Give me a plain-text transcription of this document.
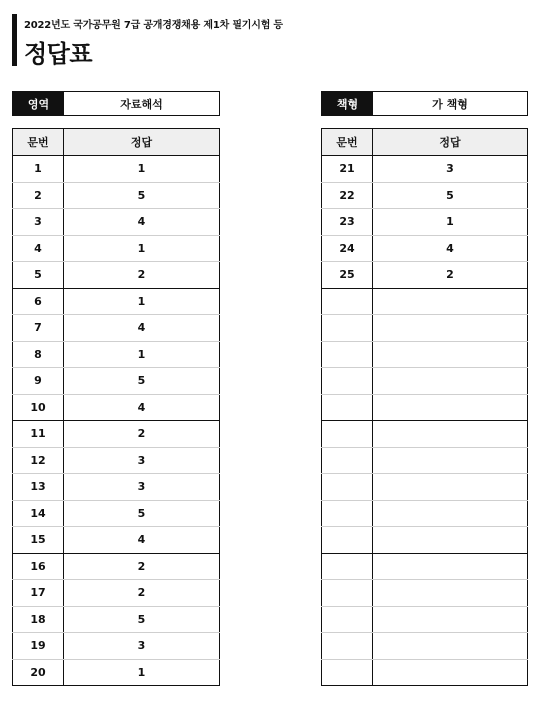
2022년도 국가공무원 7급 공개경쟁채용 제1차 필기시험 등
정답표
영역	자료해석	책형	가 책형
문번	정답
1	1
2	5
3	4
4	1
5	2
6	1
7	4
8	1
9	5
10	4
11	2
12	3
13	3
14	5
15	4
16	2
17	2
18	5
19	3
20	1
문번	정답
21	3
22	5
23	1
24	4
25	2
